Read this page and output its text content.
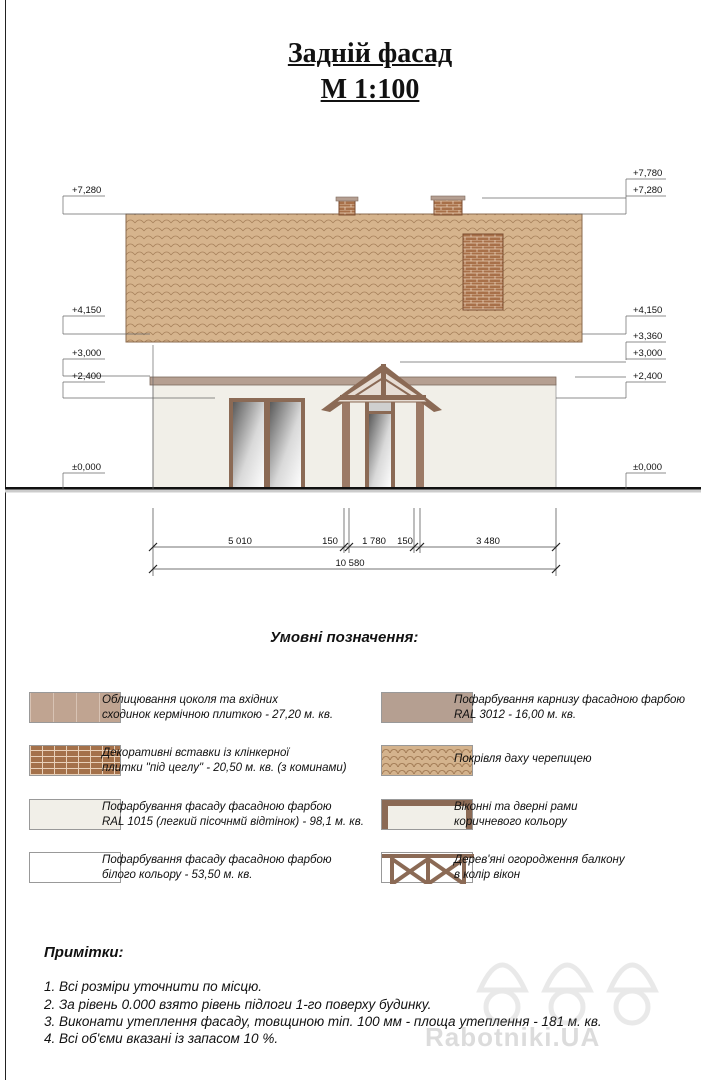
Задній фасад
М 1:100
+7,280
+4,150
+3,000
+2,400
±0,000
+7,780
+7,280
+4,150
+3,360
+3,000
+2,400
±0,000
5 010	150	1 780 150	3 480
10 580
Умовні позначення:
Облицювання цоколя та вхідних
сходинок кермічною плиткою - 27,20 м. кв.
Декоративні вставки із клінкерної
плитки "під цеглу" - 20,50 м. кв. (з коминами)
Пофарбування фасаду фасадною фарбою
RAL 1015 (легкий пісочнмй відтінок) - 98,1 м. кв.
Пофарбування фасаду фасадною фарбою
білого кольору - 53,50 м. кв.
Пофарбування карнизу фасадною фарбою
RAL 3012 - 16,00 м. кв.
Покрівля даху черепицею
Віконні та дверні рами
коричневого кольору
Дерев'яні огородження балкону
в колір вікон
Примітки:
1. Всі розміри уточнити по місцю.
2. За рівень 0.000 взято рівень підлоги 1-го поверху будинку.
3. Виконати утеплення фасаду, товщиною тіп. 100 мм - площа утеплення - 181 м. кв.
4. Всі об'єми вказані із запасом 10 %.	Rabotniki.UA
